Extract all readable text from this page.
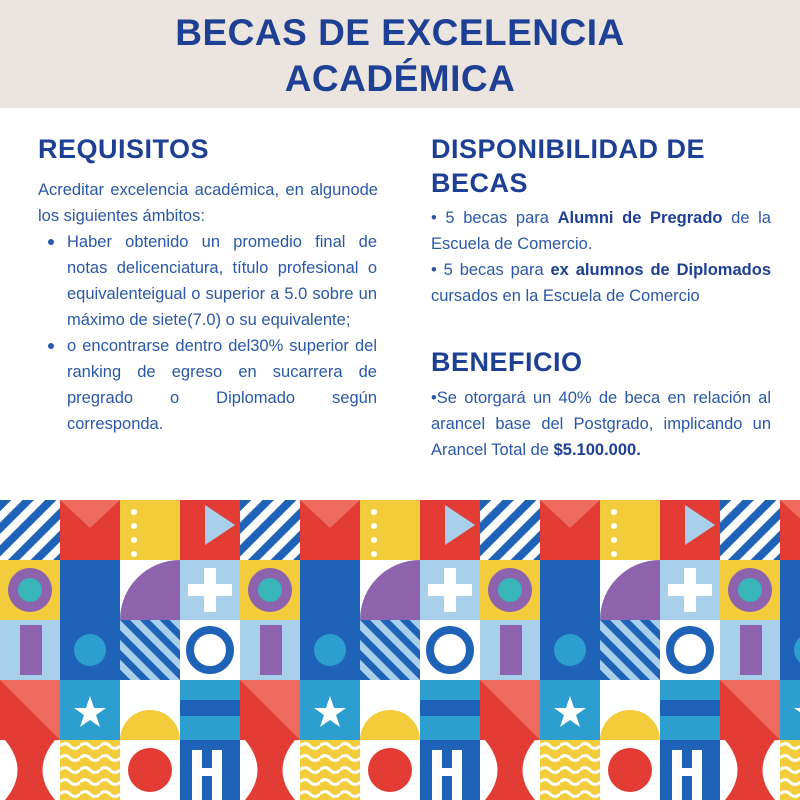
BECAS DE EXCELENCIA
ACADÉMICA
REQUISITOS

Acreditar excelencia académica, en algunode los siguientes ámbitos:

Haber obtenido un promedio final de notas delicenciatura, título profesional o equivalenteigual o superior a 5.0 sobre un máximo de siete(7.0) o su equivalente;
o encontrarse dentro del30% superior del ranking de egreso en sucarrera de pregrado o Diplomado según corresponda.
DISPONIBILIDAD DE
BECAS

• 5 becas para Alumni de Pregrado de la Escuela de Comercio.

• 5 becas para ex alumnos de Diplomados cursados en la Escuela de Comercio

BENEFICIO

•Se otorgará un 40% de beca en relación al arancel base del Postgrado, implicando un Arancel Total de $5.100.000.
